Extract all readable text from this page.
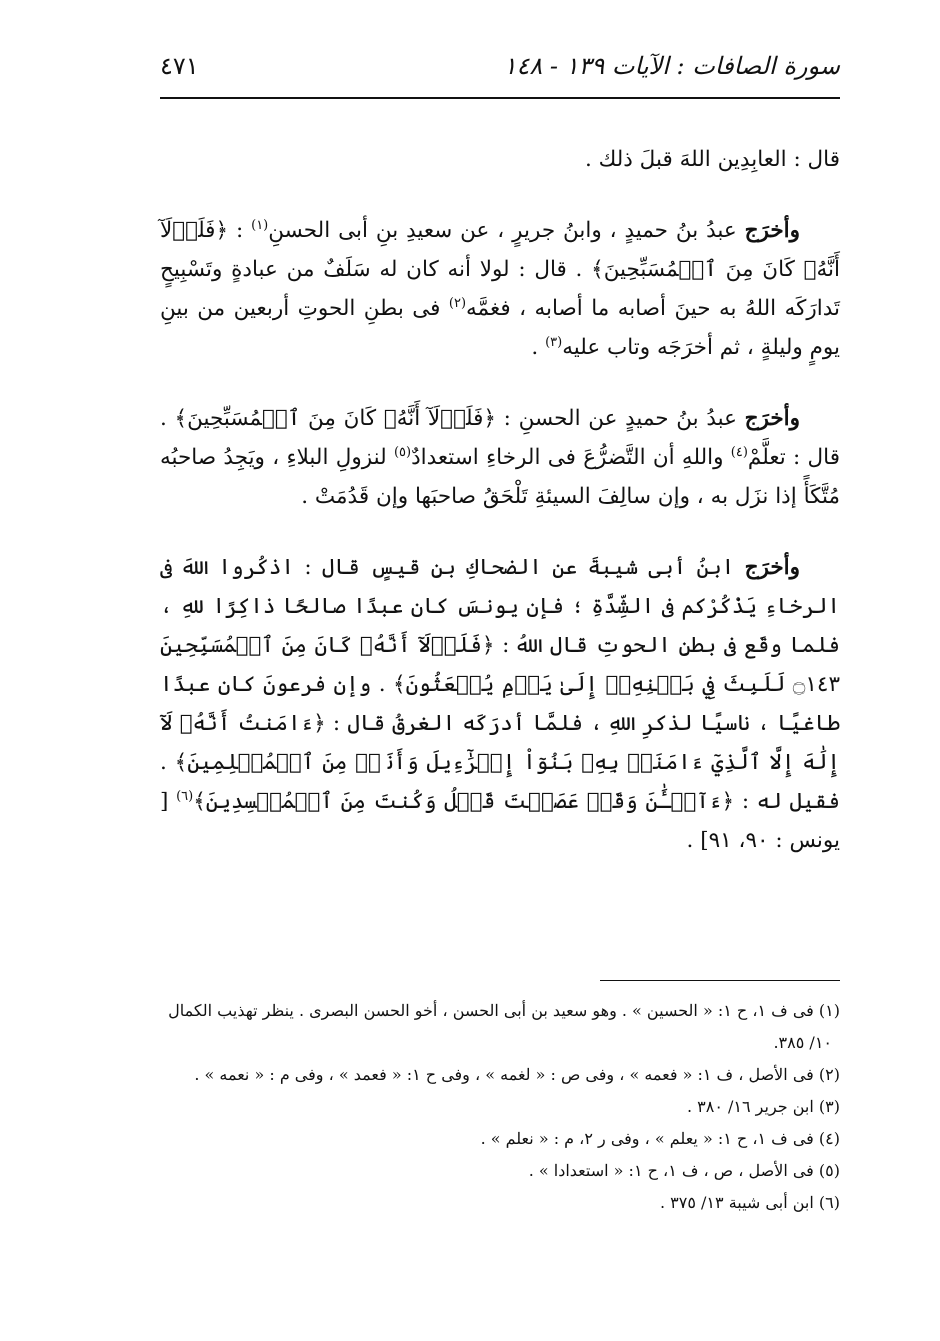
سورة الصافات : الآيات ١٣٩ - ١٤٨
٤٧١

قال : العابِدِين اللهَ قبلَ ذلك .

وأخرَج عبدُ بنُ حميدٍ ، وابنُ جريرٍ ، عن سعيدِ بنِ أبى الحسنِ$^{(١)}$ : ﴿فَلَوۡلَآ أَنَّهُۥ كَانَ مِنَ ٱلۡمُسَبِّحِينَ﴾ . قال : لولا أنه كان له سَلَفٌ من عبادةٍ وتَسْبِيحٍ تَدارَكَه اللهُ به حينَ أصابه ما أصابه ، فغمَّه$^{(٢)}$ فى بطنِ الحوتِ أربعين من بينِ يومٍ وليلةٍ ، ثم أخرَجَه وتاب عليه$^{(٣)}$ .

وأخرَج عبدُ بنُ حميدٍ عن الحسنِ : ﴿فَلَوۡلَآ أَنَّهُۥ كَانَ مِنَ ٱلۡمُسَبِّحِينَ﴾ . قال : تعلَّمْ$^{(٤)}$ واللهِ أن التَّضرُّعَ فى الرخاءِ استعدادٌ$^{(٥)}$ لنزولِ البلاءِ ، ويَجِدُ صاحبُه مُتَّكَأً إذا نزَل به ، وإن سالِفَ السيئةِ تَلْحَقُ صاحبَها وإن قَدُمَتْ .

وأخرَج ابنُ أبى شيبةَ عن الضحاكِ بنِ قيسٍ قال : اذكُروا اللهَ فى الرخاءِ يَذْكُرْكم فى الشِّدَّةِ ؛ فإن يونسَ كان عبدًا صالحًا ذاكِرًا للهِ ، فلما وقَع فى بطنِ الحوتِ قال اللهُ : ﴿فَلَوۡلَآ أَنَّهُۥ كَانَ مِنَ ٱلۡمُسَبِّحِينَ ۝١٤٣ لَلَبِثَ فِي بَطۡنِهِۦٓ إِلَىٰ يَوۡمِ يُبۡعَثُونَ﴾ . وإن فرعونَ كان عبدًا طاغيًا ، ناسيًا لذكرِ اللهِ ، فلمَّا أدرَكَه الغرقُ قال : ﴿ءَامَنتُ أَنَّهُۥ لَآ إِلَٰهَ إِلَّا ٱلَّذِيٓ ءَامَنَتۡ بِهِۦ بَنُوٓاْ إِسۡرَٰٓءِيلَ وَأَنَا۠ مِنَ ٱلۡمُسۡلِمِينَ﴾ . فقيل له : ﴿ءَآلۡـَٰٔنَ وَقَدۡ عَصَيۡتَ قَبۡلُ وَكُنتَ مِنَ ٱلۡمُفۡسِدِينَ﴾$^{(٦)}$ [ يونس : ٩٠، ٩١] .

(١) فى ف ١، ح ١: « الحسين » . وهو سعيد بن أبى الحسن ، أخو الحسن البصرى . ينظر تهذيب الكمال

١٠/ ٣٨٥.

(٢) فى الأصل ، ف ١: « فعمه » ، وفى ص : « لغمه » ، وفى ح ١: « فعمد » ، وفى م : « نعمه » .

(٣) ابن جرير ١٦/ ٣٨٠ .

(٤) فى ف ١، ح ١: « يعلم » ، وفى ر ٢، م : « نعلم » .

(٥) فى الأصل ، ص ، ف ١، ح ١: « استعدادا » .

(٦) ابن أبى شيبة ١٣/ ٣٧٥ .
